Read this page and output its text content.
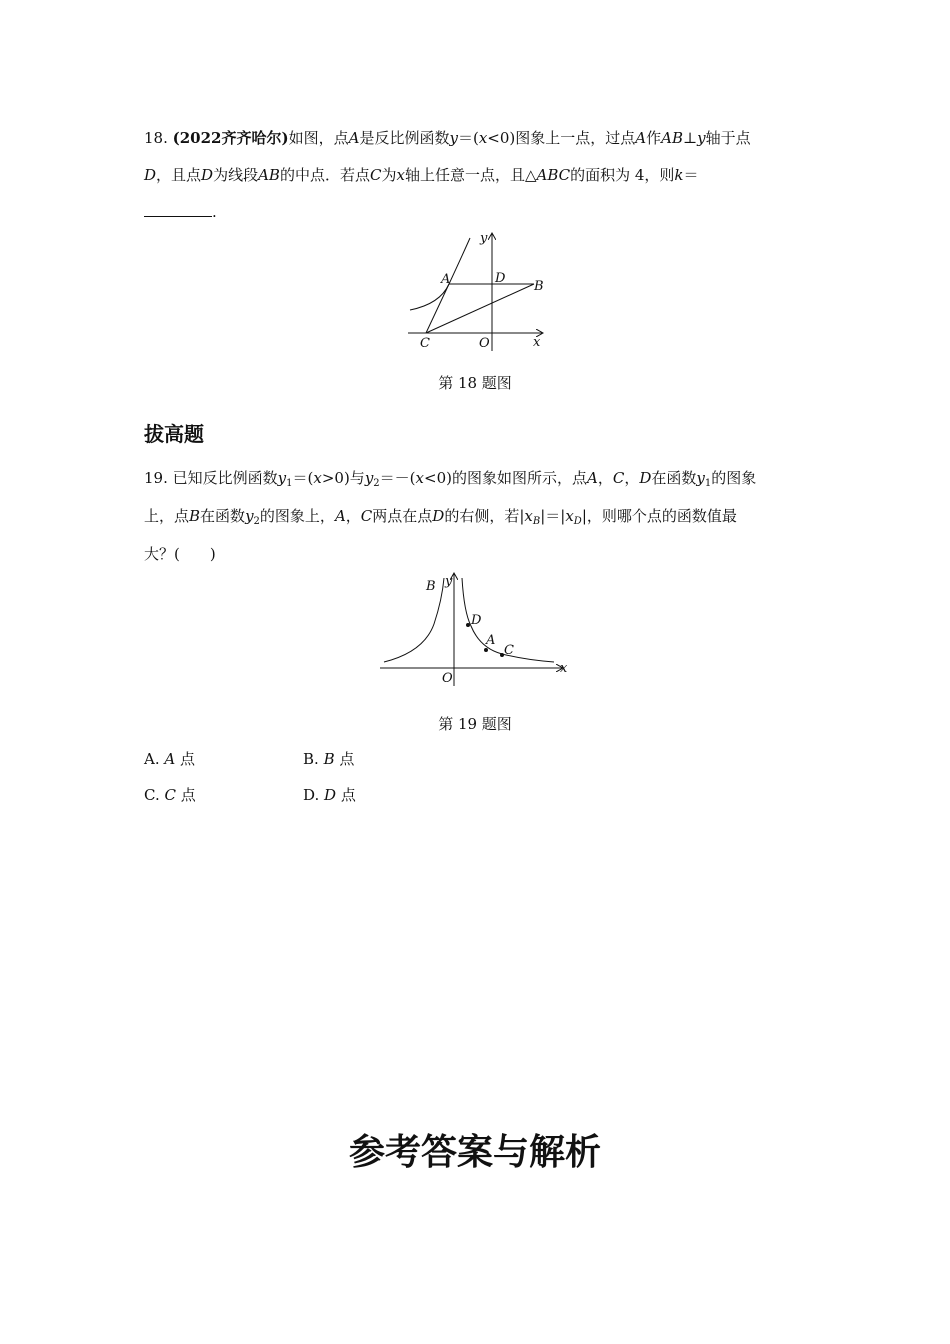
18. (2022齐齐哈尔)如图，点A是反比例函数y＝(x<0)图象上一点，过点A作AB⊥y轴于点
D，且点D为线段AB的中点．若点C为x轴上任意一点，且△ABC的面积为 4，则k＝
.
y
A	D
B
C	O	x
第 18 题图
拔高题
19. 已知反比例函数$y_1=(x>0)$与$y_2=-(x<0)$的图象如图所示，点A，C，D在函数$y_1$的图象
上，点B在函数$y_2$的图象上，A，C两点在点D的右侧，若$|x_B|=|x_D|$，则哪个点的函数值最
大？(　　)
B y
D
A
C
O
x
第 19 题图
A. A 点	B. B 点
C. C 点	D. D 点
参考答案与解析
